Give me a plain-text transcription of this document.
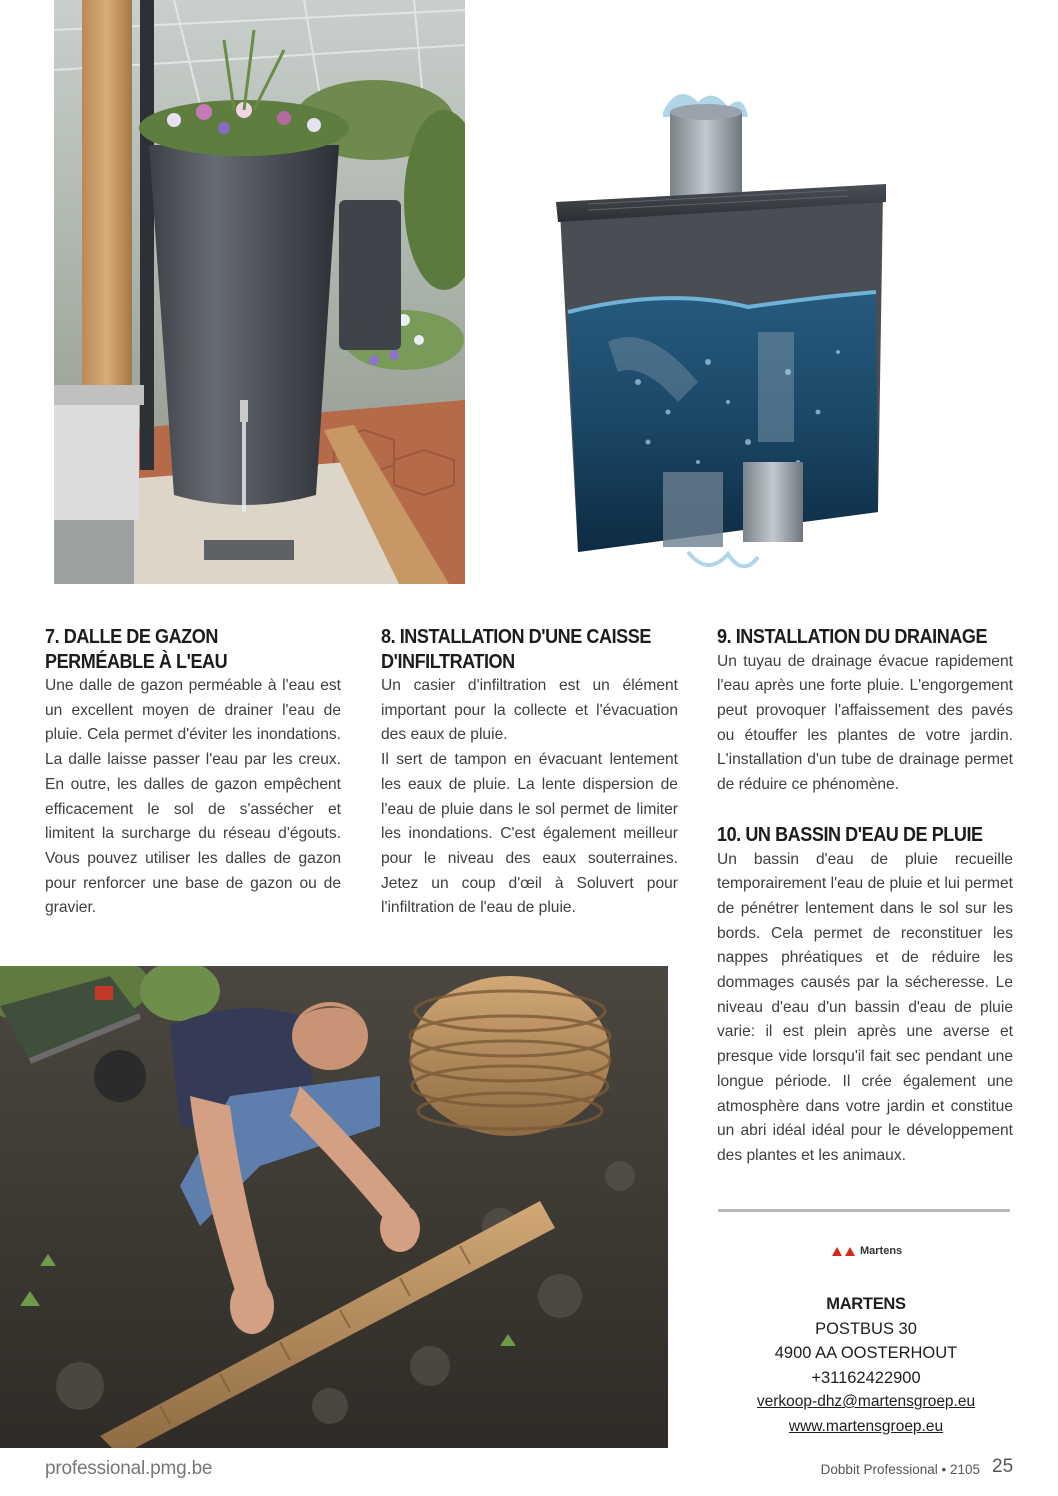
7. DALLE DE GAZON
PERMÉABLE À L'EAU

Une dalle de gazon perméable à l'eau est un excellent moyen de drainer l'eau de pluie. Cela permet d'éviter les inondations. La dalle laisse passer l'eau par les creux. En outre, les dalles de gazon empêchent efficacement le sol de s'assécher et limitent la surcharge du réseau d'égouts. Vous pouvez utiliser les dalles de gazon pour renforcer une base de gazon ou de gravier.

8. INSTALLATION D'UNE CAISSE
D'INFILTRATION

Un casier d'infiltration est un élément important pour la collecte et l'évacuation des eaux de pluie.

Il sert de tampon en évacuant lentement les eaux de pluie. La lente dispersion de l'eau de pluie dans le sol permet de limiter les inondations. C'est également meilleur pour le niveau des eaux souterraines. Jetez un coup d'œil à Soluvert pour l'infiltration de l'eau de pluie.

9. INSTALLATION DU DRAINAGE

Un tuyau de drainage évacue rapidement l'eau après une forte pluie. L'engorgement peut provoquer l'affaissement des pavés ou étouffer les plantes de votre jardin. L'installation d'un tube de drainage permet de réduire ce phénomène.

10. UN BASSIN D'EAU DE PLUIE

Un bassin d'eau de pluie recueille temporairement l'eau de pluie et lui permet de pénétrer lentement dans le sol sur les bords. Cela permet de reconstituer les nappes phréatiques et de réduire les dommages causés par la sécheresse. Le niveau d'eau d'un bassin d'eau de pluie varie: il est plein après une averse et presque vide lorsqu'il fait sec pendant une longue période. Il crée également une atmosphère dans votre jardin et constitue un abri idéal idéal pour le développement des plantes et les animaux.

Martens
MARTENS
POSTBUS 30
4900 AA OOSTERHOUT
+31162422900
verkoop-dhz@martensgroep.eu
www.martensgroep.eu
professional.pmg.be	Dobbit Professional • 2105 25
